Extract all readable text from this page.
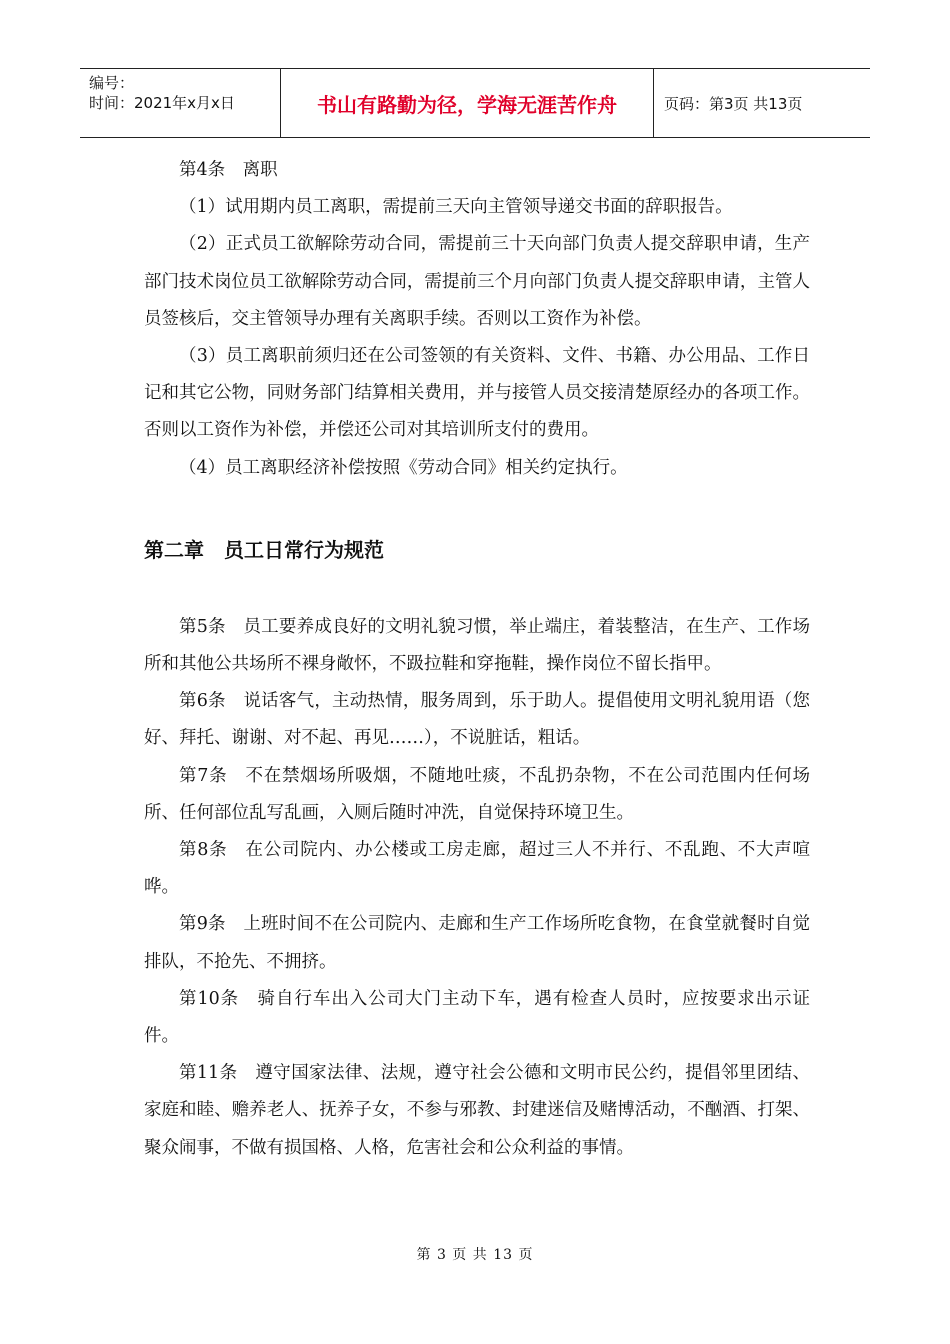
编号：
时间：2021年x月x日	书山有路勤为径，学海无涯苦作舟	页码：第3页 共13页

第4条　离职

（1）试用期内员工离职，需提前三天向主管领导递交书面的辞职报告。

（2）正式员工欲解除劳动合同，需提前三十天向部门负责人提交辞职申请，生产部门技术岗位员工欲解除劳动合同，需提前三个月向部门负责人提交辞职申请，主管人员签核后，交主管领导办理有关离职手续。否则以工资作为补偿。

（3）员工离职前须归还在公司签领的有关资料、文件、书籍、办公用品、工作日记和其它公物，同财务部门结算相关费用，并与接管人员交接清楚原经办的各项工作。否则以工资作为补偿，并偿还公司对其培训所支付的费用。

（4）员工离职经济补偿按照《劳动合同》相关约定执行。

第二章　员工日常行为规范

第5条　员工要养成良好的文明礼貌习惯，举止端庄，着装整洁，在生产、工作场所和其他公共场所不裸身敞怀，不趿拉鞋和穿拖鞋，操作岗位不留长指甲。

第6条　说话客气，主动热情，服务周到，乐于助人。提倡使用文明礼貌用语（您好、拜托、谢谢、对不起、再见……），不说脏话，粗话。

第7条　不在禁烟场所吸烟，不随地吐痰，不乱扔杂物，不在公司范围内任何场所、任何部位乱写乱画，入厕后随时冲洗，自觉保持环境卫生。

第8条　在公司院内、办公楼或工房走廊，超过三人不并行、不乱跑、不大声喧哗。

第9条　上班时间不在公司院内、走廊和生产工作场所吃食物，在食堂就餐时自觉排队，不抢先、不拥挤。

第10条　骑自行车出入公司大门主动下车，遇有检查人员时，应按要求出示证件。

第11条　遵守国家法律、法规，遵守社会公德和文明市民公约，提倡邻里团结、家庭和睦、赡养老人、抚养子女，不参与邪教、封建迷信及赌博活动，不酗酒、打架、聚众闹事，不做有损国格、人格，危害社会和公众利益的事情。

第 3 页 共 13 页
